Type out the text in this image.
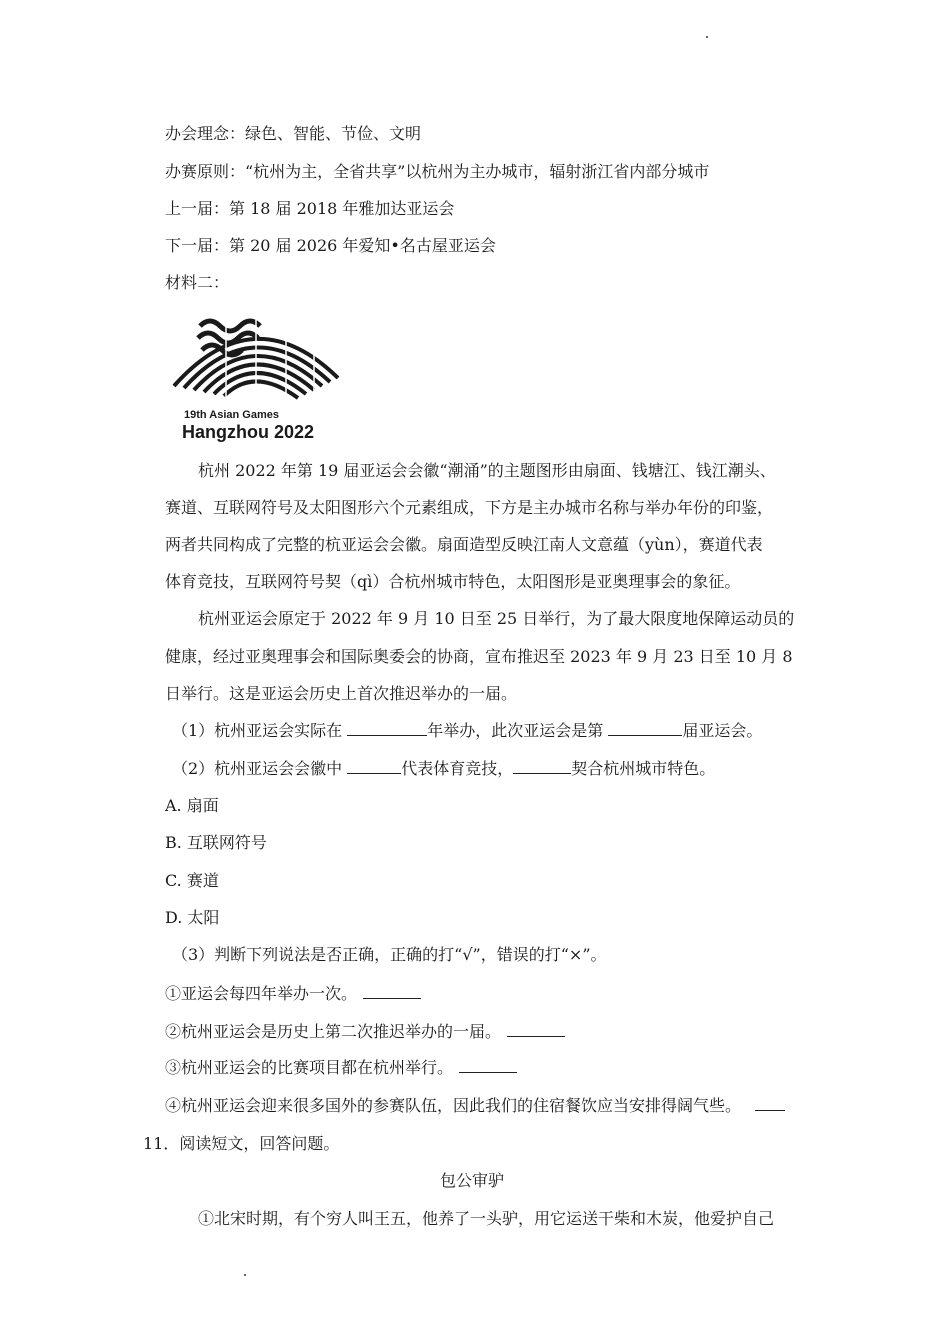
办会理念：绿色、智能、节俭、文明
办赛原则：“杭州为主，全省共享”以杭州为主办城市，辐射浙江省内部分城市
上一届：第 18 届 2018 年雅加达亚运会
下一届：第 20 届 2026 年爱知•名古屋亚运会
材料二：
19th Asian Games
Hangzhou 2022
杭州 2022 年第 19 届亚运会会徽“潮涌”的主题图形由扇面、钱塘江、钱江潮头、
赛道、互联网符号及太阳图形六个元素组成，下方是主办城市名称与举办年份的印鉴，
两者共同构成了完整的杭亚运会会徽。扇面造型反映江南人文意蕴（yùn），赛道代表
体育竞技，互联网符号契（qì）合杭州城市特色，太阳图形是亚奥理事会的象征。
杭州亚运会原定于 2022 年 9 月 10 日至 25 日举行，为了最大限度地保障运动员的
健康，经过亚奥理事会和国际奥委会的协商，宣布推迟至 2023 年 9 月 23 日至 10 月 8
日举行。这是亚运会历史上首次推迟举办的一届。
（1）杭州亚运会实际在	年举办，此次亚运会是第	届亚运会。
（2）杭州亚运会会徽中	代表体育竞技，	契合杭州城市特色。
A. 扇面
B. 互联网符号
C. 赛道
D. 太阳
（3）判断下列说法是否正确，正确的打“√”，错误的打“×”。
①亚运会每四年举办一次。
②杭州亚运会是历史上第二次推迟举办的一届。
③杭州亚运会的比赛项目都在杭州举行。
④杭州亚运会迎来很多国外的参赛队伍，因此我们的住宿餐饮应当安排得阔气些。
11．阅读短文，回答问题。
包公审驴
①北宋时期，有个穷人叫王五，他养了一头驴，用它运送干柴和木炭，他爱护自己
